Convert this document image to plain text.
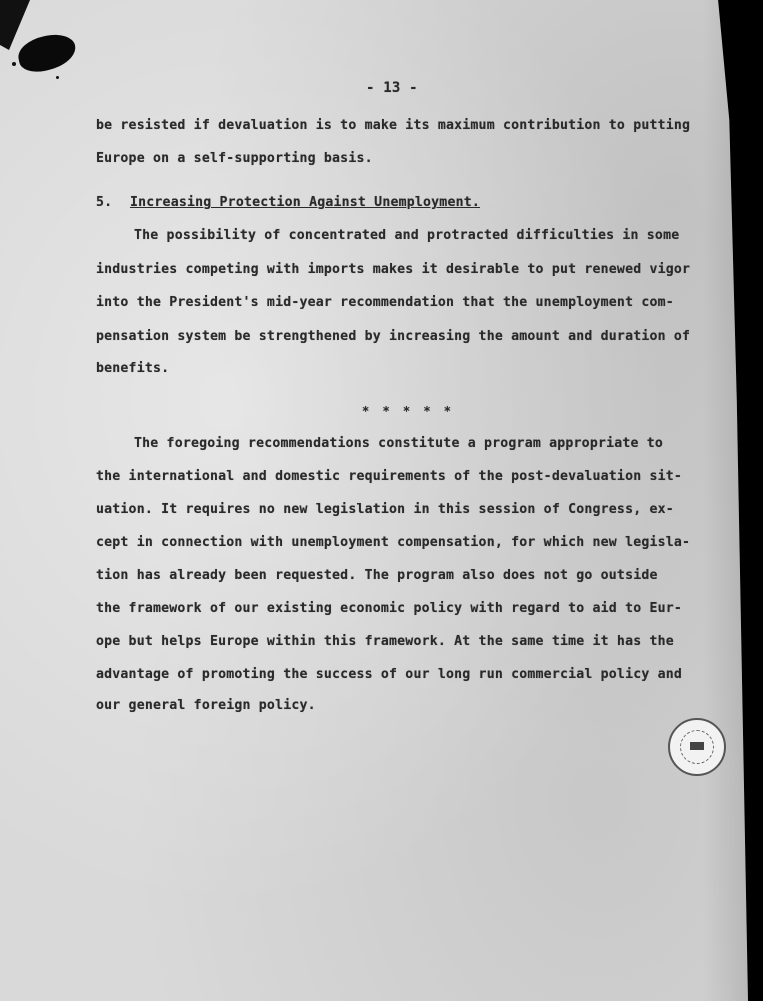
- 13 -
be resisted if devaluation is to make its maximum contribution to putting
Europe on a self-supporting basis.
5. Increasing Protection Against Unemployment.
The possibility of concentrated and protracted difficulties in some
industries competing with imports makes it desirable to put renewed vigor
into the President's mid-year recommendation that the unemployment com-
pensation system be strengthened by increasing the amount and duration of
benefits.
* * * * *
The foregoing recommendations constitute a program appropriate to
the international and domestic requirements of the post-devaluation sit-
uation. It requires no new legislation in this session of Congress, ex-
cept in connection with unemployment compensation, for which new legisla-
tion has already been requested. The program also does not go outside
the framework of our existing economic policy with regard to aid to Eur-
ope but helps Europe within this framework. At the same time it has the
advantage of promoting the success of our long run commercial policy and
our general foreign policy.
